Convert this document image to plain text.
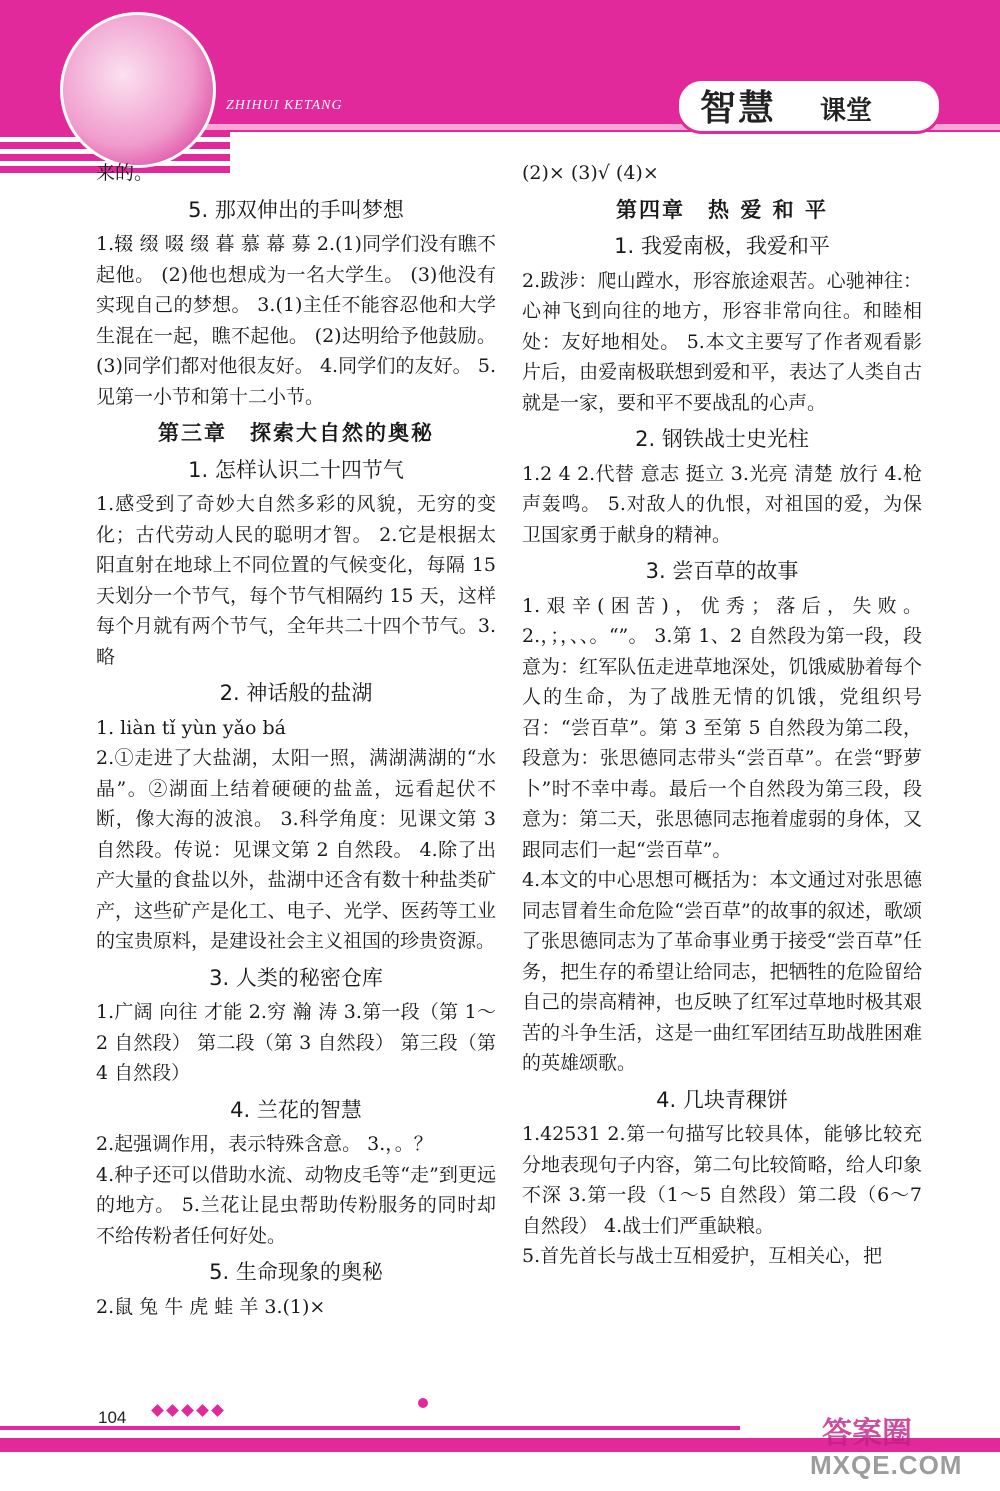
ZHIHUI KETANG	智慧 课堂

来的。

5. 那双伸出的手叫梦想

1.辍 缀 啜 缀 暮 慕 幕 募 2.(1)同学们没有瞧不起他。 (2)他也想成为一名大学生。 (3)他没有实现自己的梦想。 3.(1)主任不能容忍他和大学生混在一起，瞧不起他。 (2)达明给予他鼓励。(3)同学们都对他很友好。 4.同学们的友好。 5.见第一小节和第十二小节。

第三章　探索大自然的奥秘
1. 怎样认识二十四节气

1.感受到了奇妙大自然多彩的风貌，无穷的变化；古代劳动人民的聪明才智。 2.它是根据太阳直射在地球上不同位置的气候变化，每隔 15 天划分一个节气，每个节气相隔约 15 天，这样每个月就有两个节气，全年共二十四个节气。3.略

2. 神话般的盐湖

1. liàn tǐ yùn yǎo bá

2.①走进了大盐湖，太阳一照，满湖满湖的“水晶”。②湖面上结着硬硬的盐盖，远看起伏不断，像大海的波浪。 3.科学角度：见课文第 3 自然段。传说：见课文第 2 自然段。 4.除了出产大量的食盐以外，盐湖中还含有数十种盐类矿产，这些矿产是化工、电子、光学、医药等工业的宝贵原料，是建设社会主义祖国的珍贵资源。

3. 人类的秘密仓库

1.广阔 向往 才能 2.穷 瀚 涛 3.第一段（第 1～2 自然段） 第二段（第 3 自然段） 第三段（第 4 自然段）

4. 兰花的智慧

2.起强调作用，表示特殊含意。 3.，。？

4.种子还可以借助水流、动物皮毛等“走”到更远的地方。 5.兰花让昆虫帮助传粉服务的同时却不给传粉者任何好处。

5. 生命现象的奥秘

2.鼠 兔 牛 虎 蛙 羊 3.(1)×

(2)× (3)√ (4)×

第四章　热 爱 和 平
1. 我爱南极，我爱和平

2.跋涉：爬山蹚水，形容旅途艰苦。心驰神往：心神飞到向往的地方，形容非常向往。和睦相处：友好地相处。 5.本文主要写了作者观看影片后，由爱南极联想到爱和平，表达了人类自古就是一家，要和平不要战乱的心声。

2. 钢铁战士史光柱

1.2 4 2.代替 意志 挺立 3.光亮 清楚 放行 4.枪声轰鸣。 5.对敌人的仇恨，对祖国的爱，为保卫国家勇于献身的精神。

3. 尝百草的故事

1.艰辛(困苦)，优秀；落后，失败。 2.，；，、、。“”。 3.第 1、2 自然段为第一段，段意为：红军队伍走进草地深处，饥饿威胁着每个人的生命，为了战胜无情的饥饿，党组织号召：“尝百草”。第 3 至第 5 自然段为第二段，段意为：张思德同志带头“尝百草”。在尝“野萝卜”时不幸中毒。最后一个自然段为第三段，段意为：第二天，张思德同志拖着虚弱的身体，又跟同志们一起“尝百草”。

4.本文的中心思想可概括为：本文通过对张思德同志冒着生命危险“尝百草”的故事的叙述，歌颂了张思德同志为了革命事业勇于接受“尝百草”任务，把生存的希望让给同志，把牺牲的危险留给自己的崇高精神，也反映了红军过草地时极其艰苦的斗争生活，这是一曲红军团结互助战胜困难的英雄颂歌。

4. 几块青稞饼

1.42531 2.第一句描写比较具体，能够比较充分地表现句子内容，第二句比较简略，给人印象不深 3.第一段（1～5 自然段）第二段（6～7 自然段） 4.战士们严重缺粮。

5.首先首长与战士互相爱护，互相关心，把

104	答案圈
MXQE.COM
